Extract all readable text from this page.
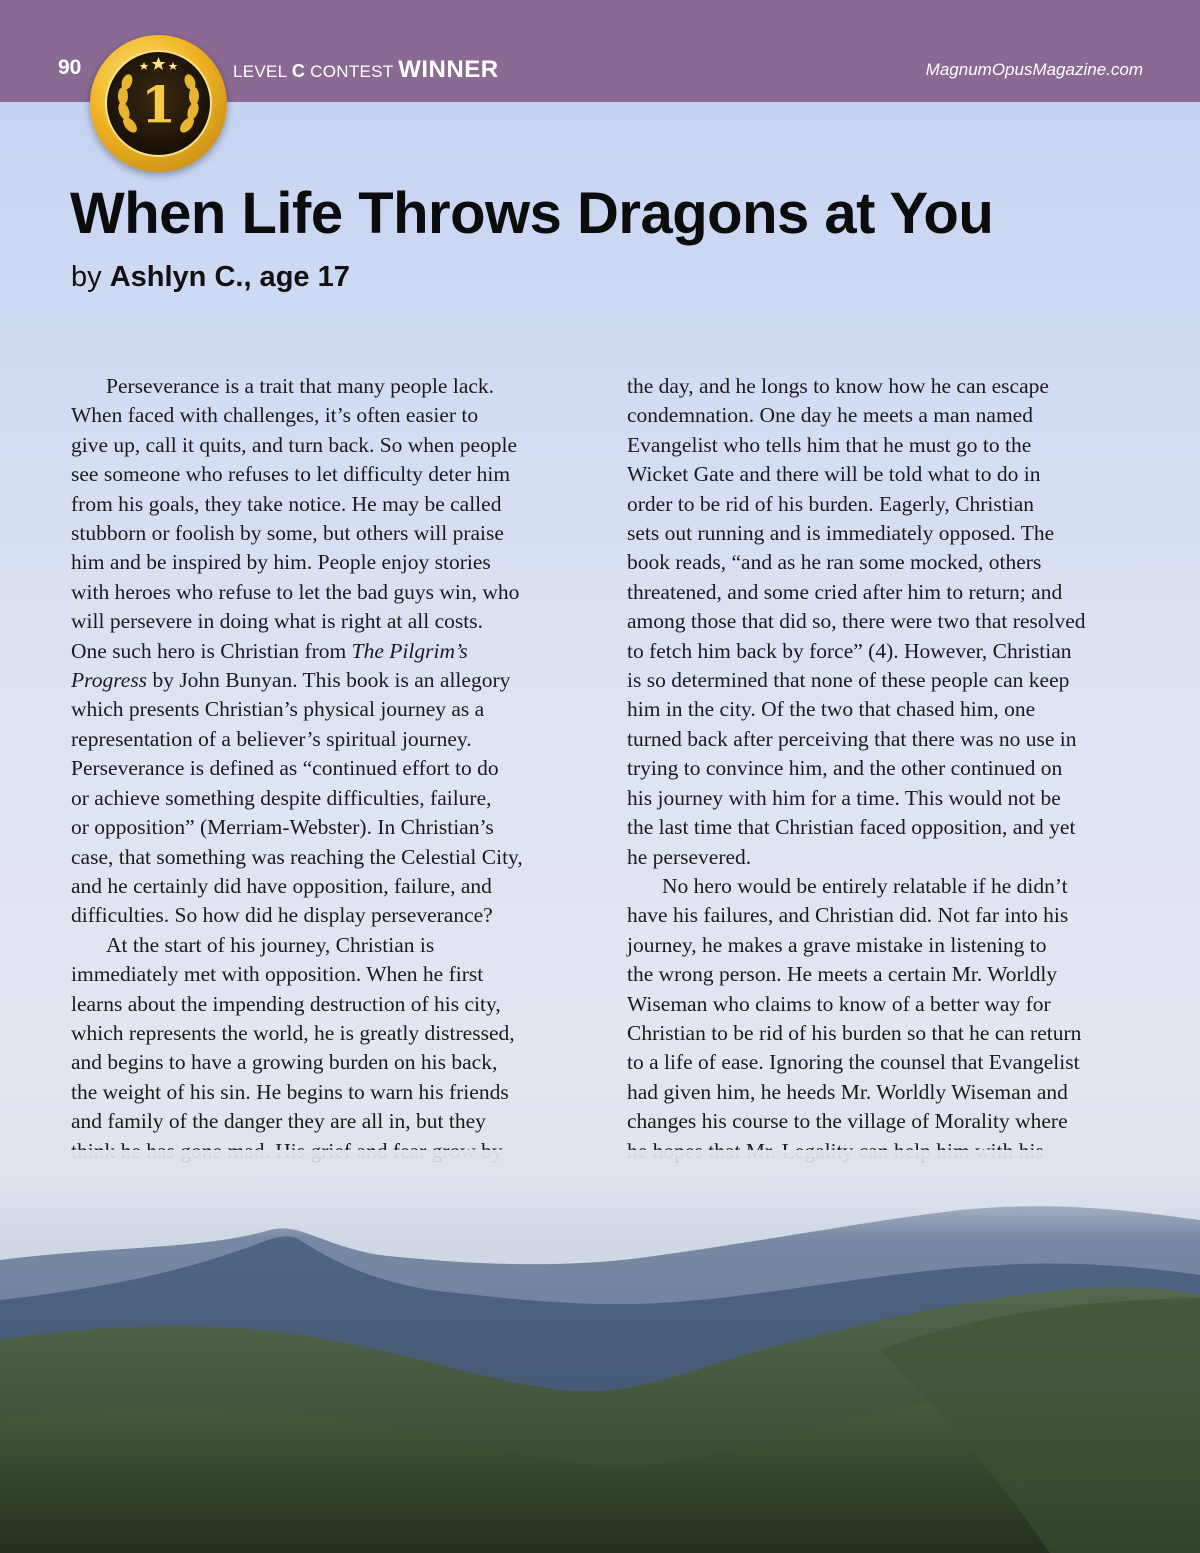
90	LEVEL C CONTEST WINNER	MagnumOpusMagazine.com
1
When Life Throws Dragons at You
by Ashlyn C., age 17
Perseverance is a trait that many people lack.
When faced with challenges, it’s often easier to
give up, call it quits, and turn back. So when people
see someone who refuses to let difficulty deter him
from his goals, they take notice. He may be called
stubborn or foolish by some, but others will praise
him and be inspired by him. People enjoy stories
with heroes who refuse to let the bad guys win, who
will persevere in doing what is right at all costs.
One such hero is Christian from The Pilgrim’s
Progress by John Bunyan. This book is an allegory
which presents Christian’s physical journey as a
representation of a believer’s spiritual journey.
Perseverance is defined as “continued effort to do
or achieve something despite difficulties, failure,
or opposition” (Merriam-Webster). In Christian’s
case, that something was reaching the Celestial City,
and he certainly did have opposition, failure, and
difficulties. So how did he display perseverance?
At the start of his journey, Christian is
immediately met with opposition. When he first
learns about the impending destruction of his city,
which represents the world, he is greatly distressed,
and begins to have a growing burden on his back,
the weight of his sin. He begins to warn his friends
and family of the danger they are all in, but they
the day, and he longs to know how he can escape
condemnation. One day he meets a man named
Evangelist who tells him that he must go to the
Wicket Gate and there will be told what to do in
order to be rid of his burden. Eagerly, Christian
sets out running and is immediately opposed. The
book reads, “and as he ran some mocked, others
threatened, and some cried after him to return; and
among those that did so, there were two that resolved
to fetch him back by force” (4). However, Christian
is so determined that none of these people can keep
him in the city. Of the two that chased him, one
turned back after perceiving that there was no use in
trying to convince him, and the other continued on
his journey with him for a time. This would not be
the last time that Christian faced opposition, and yet
he persevered.
No hero would be entirely relatable if he didn’t
have his failures, and Christian did. Not far into his
journey, he makes a grave mistake in listening to
the wrong person. He meets a certain Mr. Worldly
Wiseman who claims to know of a better way for
Christian to be rid of his burden so that he can return
to a life of ease. Ignoring the counsel that Evangelist
had given him, he heeds Mr. Worldly Wiseman and
changes his course to the village of Morality where
